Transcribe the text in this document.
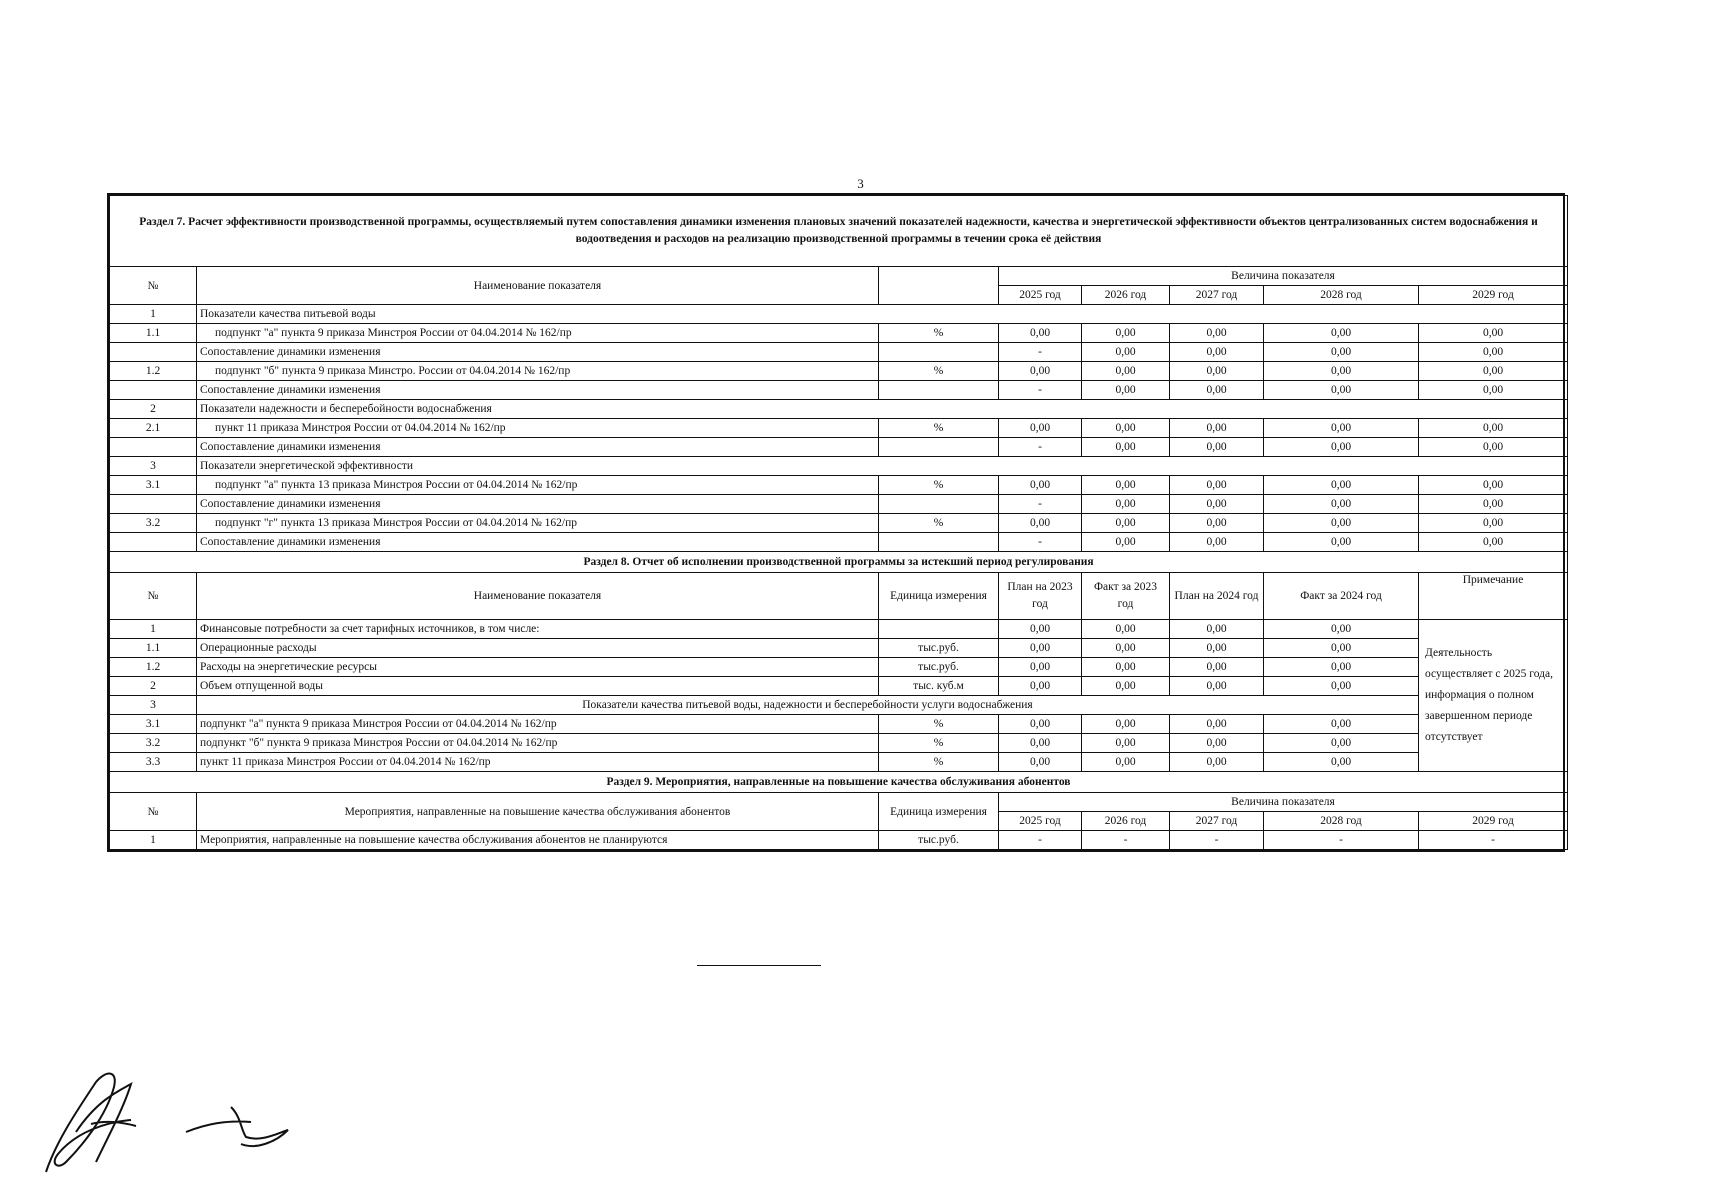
3
Раздел 7. Расчет эффективности производственной программы, осуществляемый путем сопоставления динамики изменения плановых значений показателей надежности, качества и энергетической эффективности объектов централизованных систем водоснабжения и водоотведения и расходов на реализацию производственной программы в течении срока её действия							
№	Наименование показателя		Величина показателя				
			2025 год	2026 год	2027 год	2028 год	2029 год
1	Показатели качества питьевой воды						
1.1	подпункт "а" пункта 9 приказа Минстроя России от 04.04.2014 № 162/пр	%	0,00	0,00	0,00	0,00	0,00
	Сопоставление динамики изменения		-	0,00	0,00	0,00	0,00
1.2	подпункт "б" пункта 9 приказа Минстро. России от 04.04.2014 № 162/пр	%	0,00	0,00	0,00	0,00	0,00
	Сопоставление динамики изменения		-	0,00	0,00	0,00	0,00
2	Показатели надежности и бесперебойности водоснабжения						
2.1	пункт 11 приказа Минстроя России от 04.04.2014 № 162/пр	%	0,00	0,00	0,00	0,00	0,00
	Сопоставление динамики изменения		-	0,00	0,00	0,00	0,00
3	Показатели энергетической эффективности						
3.1	подпункт "а" пункта 13 приказа Минстроя России от 04.04.2014 № 162/пр	%	0,00	0,00	0,00	0,00	0,00
	Сопоставление динамики изменения		-	0,00	0,00	0,00	0,00
3.2	подпункт "г" пункта 13 приказа Минстроя России от 04.04.2014 № 162/пр	%	0,00	0,00	0,00	0,00	0,00
	Сопоставление динамики изменения		-	0,00	0,00	0,00	0,00
Раздел 8. Отчет об исполнении производственной программы за истекший период регулирования							
№	Наименование показателя	Единица измерения	План на 2023 год	Факт за 2023 год	План на 2024 год	Факт за 2024 год	Примечание
1	Финансовые потребности за счет тарифных источников, в том числе:		0,00	0,00	0,00	0,00	Деятельность осуществляет с 2025 года, информация о полном завершенном периоде отсутствует
1.1	Операционные расходы	тыс.руб.	0,00	0,00	0,00	0,00	
1.2	Расходы на энергетические ресурсы	тыс.руб.	0,00	0,00	0,00	0,00	
2	Объем отпущенной воды	тыс. куб.м	0,00	0,00	0,00	0,00	
3	Показатели качества питьевой воды, надежности и бесперебойности услуги водоснабжения						
3.1	подпункт "а" пункта 9 приказа Минстроя России от 04.04.2014 № 162/пр	%	0,00	0,00	0,00	0,00	
3.2	подпункт "б" пункта 9 приказа Минстроя России от 04.04.2014 № 162/пр	%	0,00	0,00	0,00	0,00	
3.3	пункт 11 приказа Минстроя России от 04.04.2014 № 162/пр	%	0,00	0,00	0,00	0,00	
Раздел 9. Мероприятия, направленные на повышение качества обслуживания абонентов							
№	Мероприятия, направленные на повышение качества обслуживания абонентов	Единица измерения	Величина показателя				
			2025 год	2026 год	2027 год	2028 год	2029 год
1	Мероприятия, направленные на повышение качества обслуживания абонентов не планируются	тыс.руб.	-	-	-	-	-
